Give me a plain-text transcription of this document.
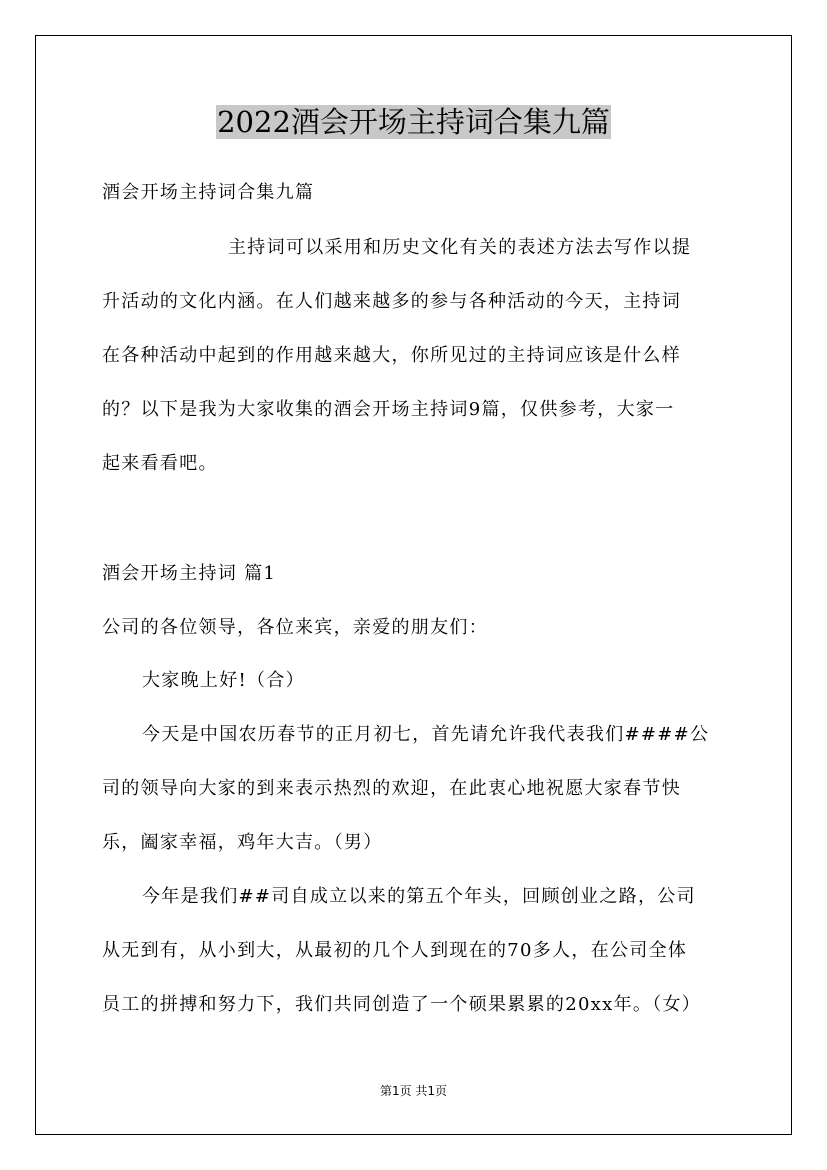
2022酒会开场主持词合集九篇

酒会开场主持词合集九篇

主持词可以采用和历史文化有关的表述方法去写作以提

升活动的文化内涵。在人们越来越多的参与各种活动的今天，主持词

在各种活动中起到的作用越来越大，你所见过的主持词应该是什么样

的？以下是我为大家收集的酒会开场主持词9篇，仅供参考，大家一

起来看看吧。

酒会开场主持词 篇1

公司的各位领导，各位来宾，亲爱的朋友们：

大家晚上好!（合）

今天是中国农历春节的正月初七，首先请允许我代表我们####公

司的领导向大家的到来表示热烈的欢迎，在此衷心地祝愿大家春节快

乐，阖家幸福，鸡年大吉。（男）

今年是我们##司自成立以来的第五个年头，回顾创业之路，公司

从无到有，从小到大，从最初的几个人到现在的70多人，在公司全体

员工的拼搏和努力下，我们共同创造了一个硕果累累的20xx年。（女）

第1页 共1页
